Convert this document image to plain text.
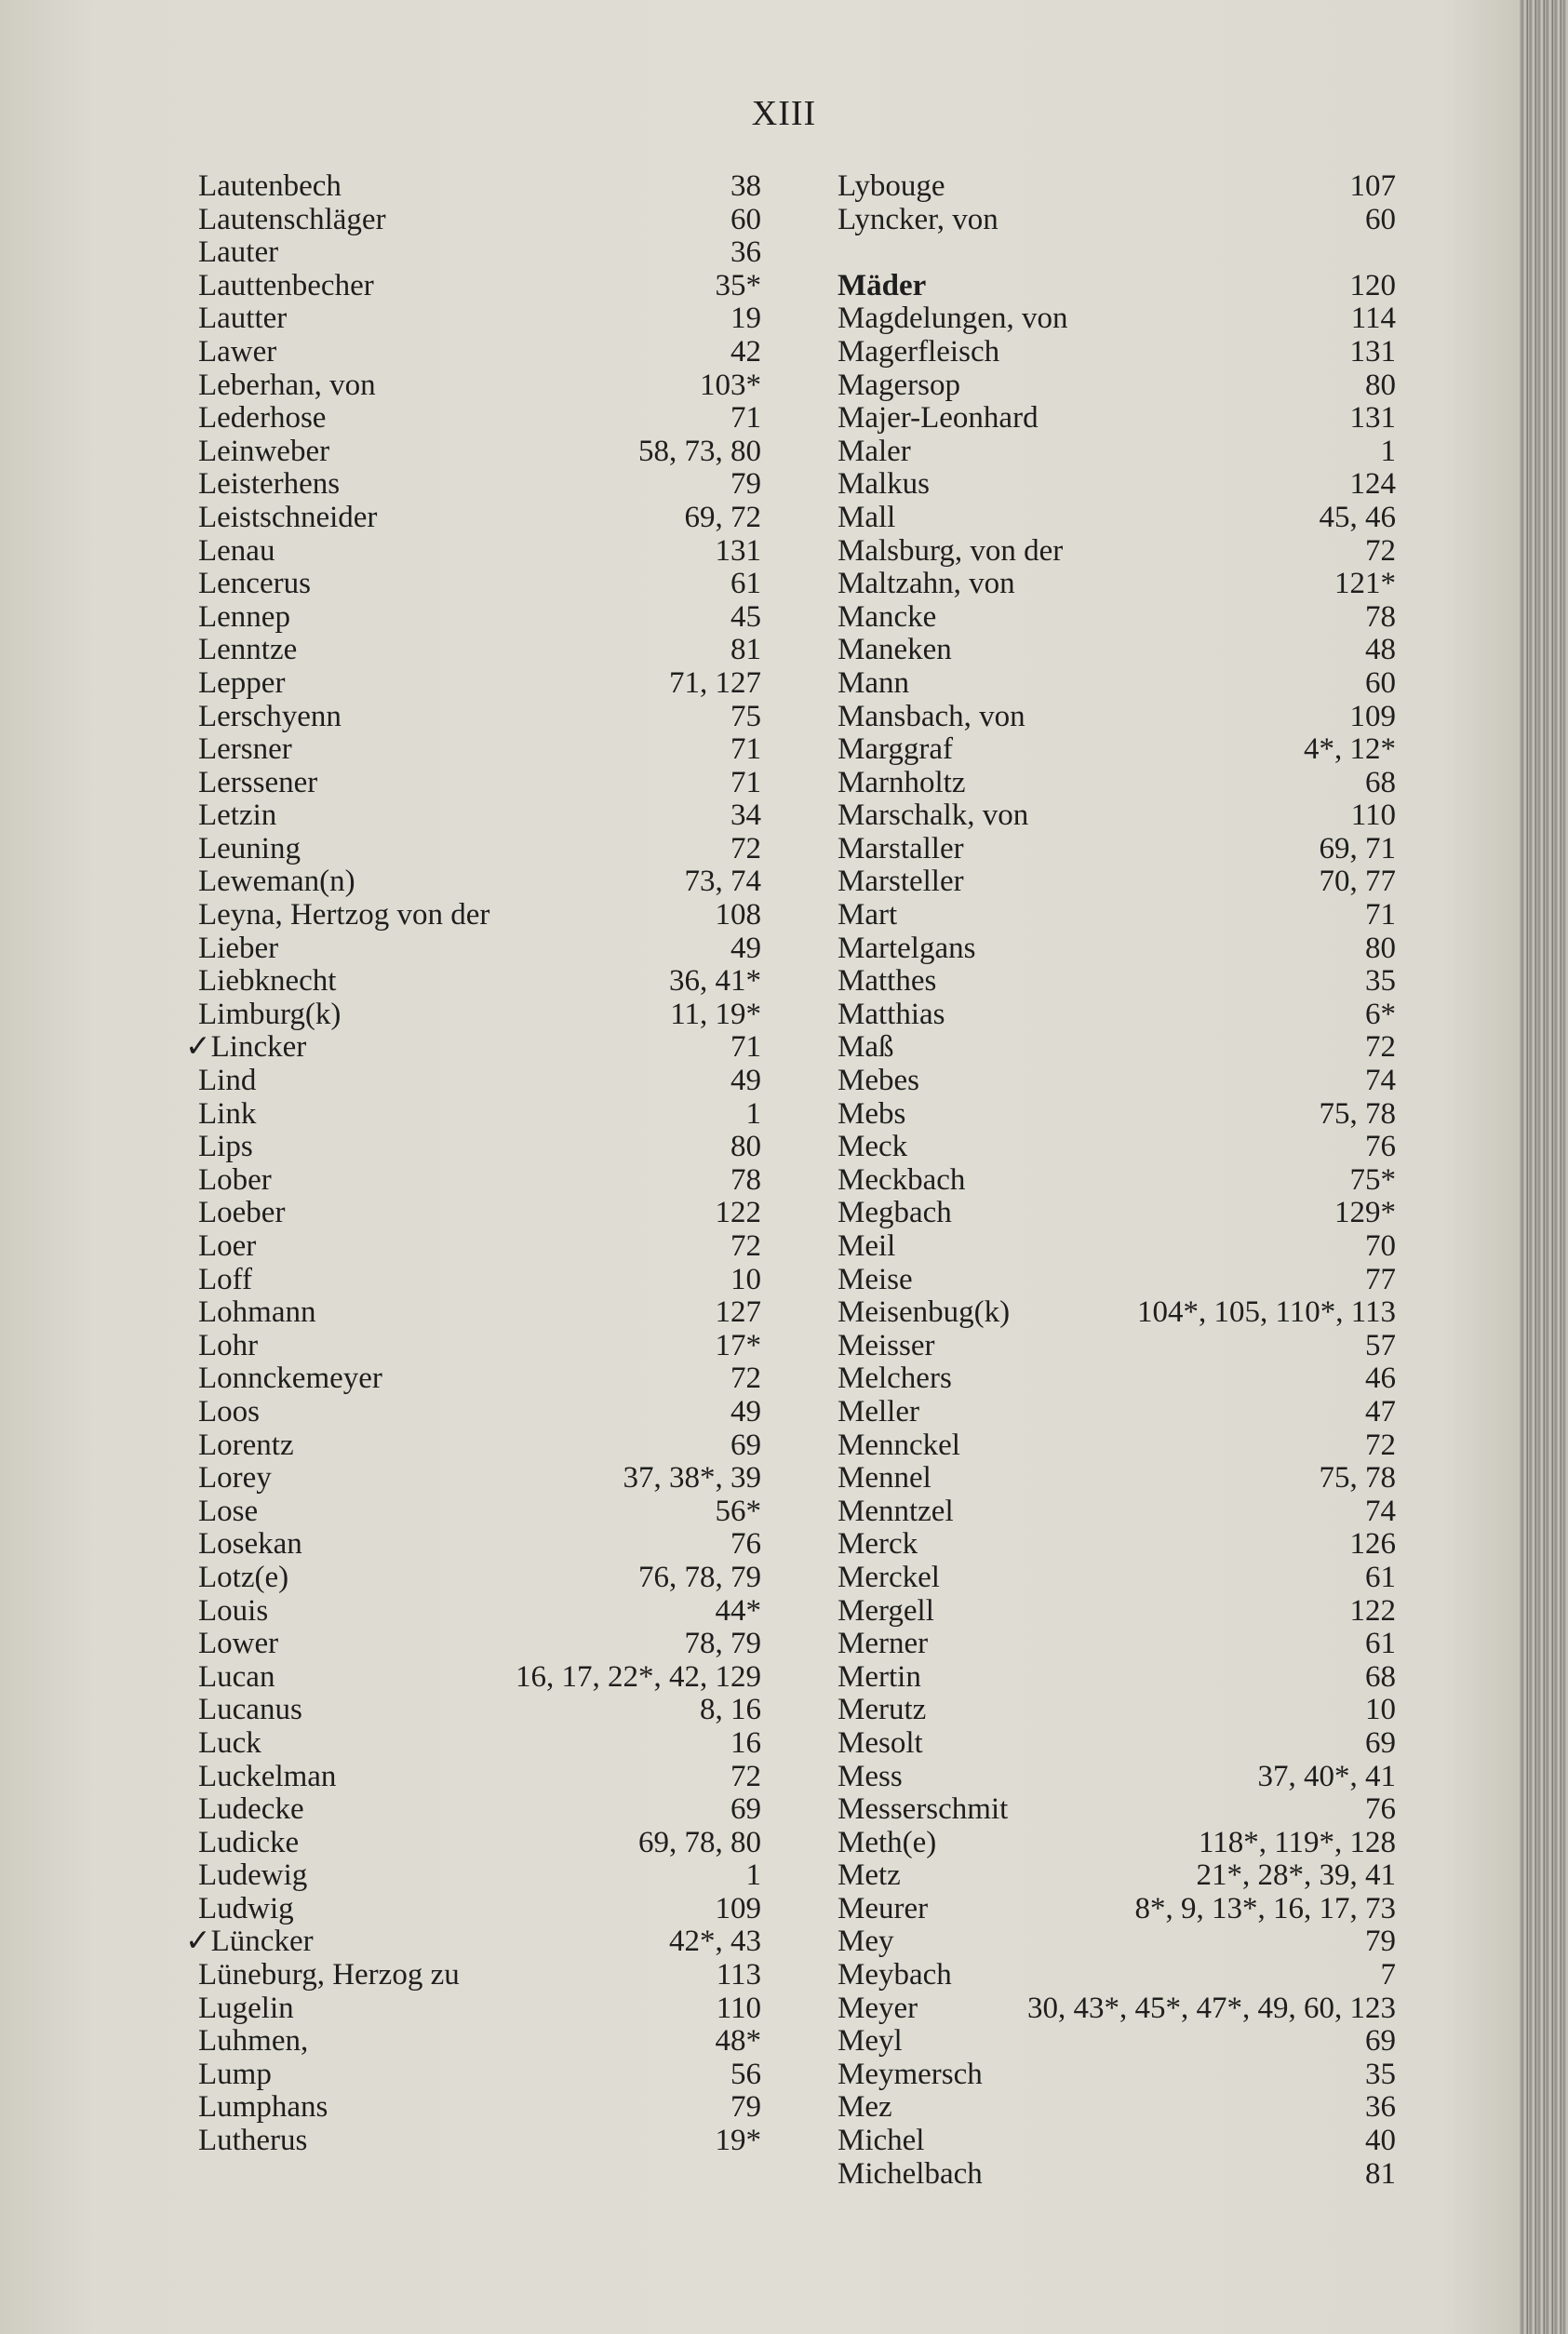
XIII
Lautenbech	38
Lautenschläger	60
Lauter	36
Lauttenbecher	35*
Lautter	19
Lawer	42
Leberhan, von	103*
Lederhose	71
Leinweber	58, 73, 80
Leisterhens	79
Leistschneider	69, 72
Lenau	131
Lencerus	61
Lennep	45
Lenntze	81
Lepper	71, 127
Lerschyenn	75
Lersner	71
Lerssener	71
Letzin	34
Leuning	72
Leweman(n)	73, 74
Leyna, Hertzog von der	108
Lieber	49
Liebknecht	36, 41*
Limburg(k)	11, 19*
✓Lincker	71
Lind	49
Link	1
Lips	80
Lober	78
Loeber	122
Loer	72
Loff	10
Lohmann	127
Lohr	17*
Lonnckemeyer	72
Loos	49
Lorentz	69
Lorey	37, 38*, 39
Lose	56*
Losekan	76
Lotz(e)	76, 78, 79
Louis	44*
Lower	78, 79
Lucan	16, 17, 22*, 42, 129
Lucanus	8, 16
Luck	16
Luckelman	72
Ludecke	69
Ludicke	69, 78, 80
Ludewig	1
Ludwig	109
✓Lüncker	42*, 43
Lüneburg, Herzog zu	113
Lugelin	110
Luhmen,	48*
Lump	56
Lumphans	79
Lutherus	19*
Lybouge	107
Lyncker, von	60
Mäder	120
Magdelungen, von	114
Magerfleisch	131
Magersop	80
Majer-Leonhard	131
Maler	1
Malkus	124
Mall	45, 46
Malsburg, von der	72
Maltzahn, von	121*
Mancke	78
Maneken	48
Mann	60
Mansbach, von	109
Marggraf	4*, 12*
Marnholtz	68
Marschalk, von	110
Marstaller	69, 71
Marsteller	70, 77
Mart	71
Martelgans	80
Matthes	35
Matthias	6*
Maß	72
Mebes	74
Mebs	75, 78
Meck	76
Meckbach	75*
Megbach	129*
Meil	70
Meise	77
Meisenbug(k)	104*, 105, 110*, 113
Meisser	57
Melchers	46
Meller	47
Mennckel	72
Mennel	75, 78
Menntzel	74
Merck	126
Merckel	61
Mergell	122
Merner	61
Mertin	68
Merutz	10
Mesolt	69
Mess	37, 40*, 41
Messerschmit	76
Meth(e)	118*, 119*, 128
Metz	21*, 28*, 39, 41
Meurer	8*, 9, 13*, 16, 17, 73
Mey	79
Meybach	7
Meyer	30, 43*, 45*, 47*, 49, 60, 123
Meyl	69
Meymersch	35
Mez	36
Michel	40
Michelbach	81
